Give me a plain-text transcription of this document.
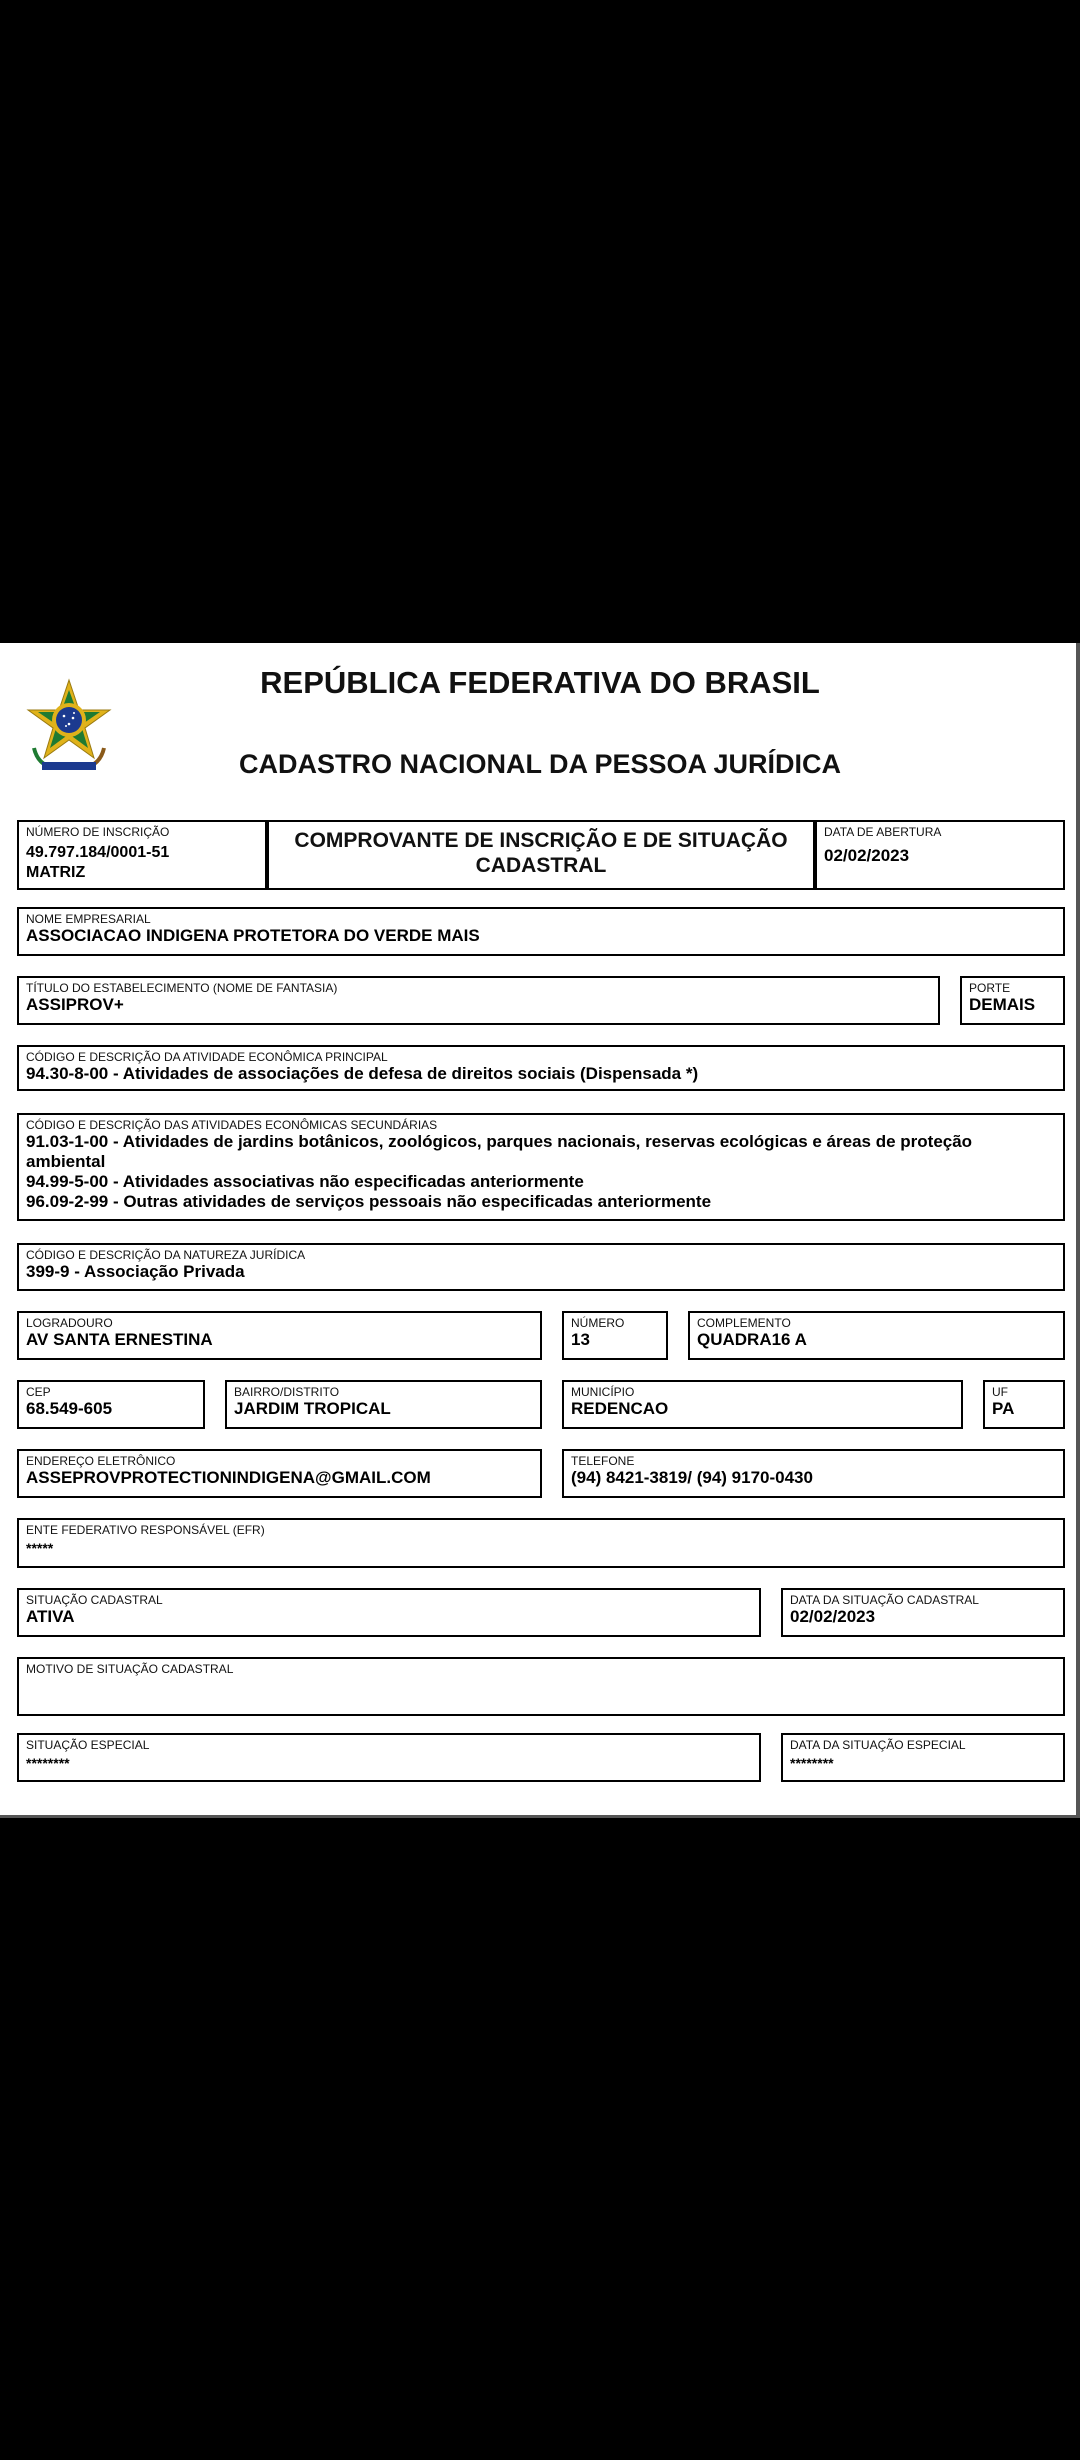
REPÚBLICA FEDERATIVA DO BRASIL
CADASTRO NACIONAL DA PESSOA JURÍDICA
NÚMERO DE INSCRIÇÃO
49.797.184/0001-51
MATRIZ
COMPROVANTE DE INSCRIÇÃO E DE SITUAÇÃO CADASTRAL
DATA DE ABERTURA
02/02/2023
NOME EMPRESARIAL
ASSOCIACAO INDIGENA PROTETORA DO VERDE MAIS
TÍTULO DO ESTABELECIMENTO (NOME DE FANTASIA)
ASSIPROV+
PORTE
DEMAIS
CÓDIGO E DESCRIÇÃO DA ATIVIDADE ECONÔMICA PRINCIPAL
94.30-8-00 - Atividades de associações de defesa de direitos sociais (Dispensada *)
CÓDIGO E DESCRIÇÃO DAS ATIVIDADES ECONÔMICAS SECUNDÁRIAS
91.03-1-00 - Atividades de jardins botânicos, zoológicos, parques nacionais, reservas ecológicas e áreas de proteção ambiental
94.99-5-00 - Atividades associativas não especificadas anteriormente
96.09-2-99 - Outras atividades de serviços pessoais não especificadas anteriormente
CÓDIGO E DESCRIÇÃO DA NATUREZA JURÍDICA
399-9 - Associação Privada
LOGRADOURO
AV SANTA ERNESTINA
NÚMERO
13
COMPLEMENTO
QUADRA16 A
CEP
68.549-605
BAIRRO/DISTRITO
JARDIM TROPICAL
MUNICÍPIO
REDENCAO
UF
PA
ENDEREÇO ELETRÔNICO
ASSEPROVPROTECTIONINDIGENA@GMAIL.COM
TELEFONE
(94) 8421-3819/ (94) 9170-0430
ENTE FEDERATIVO RESPONSÁVEL (EFR)
*****
SITUAÇÃO CADASTRAL
ATIVA
DATA DA SITUAÇÃO CADASTRAL
02/02/2023
MOTIVO DE SITUAÇÃO CADASTRAL
SITUAÇÃO ESPECIAL
********
DATA DA SITUAÇÃO ESPECIAL
********
